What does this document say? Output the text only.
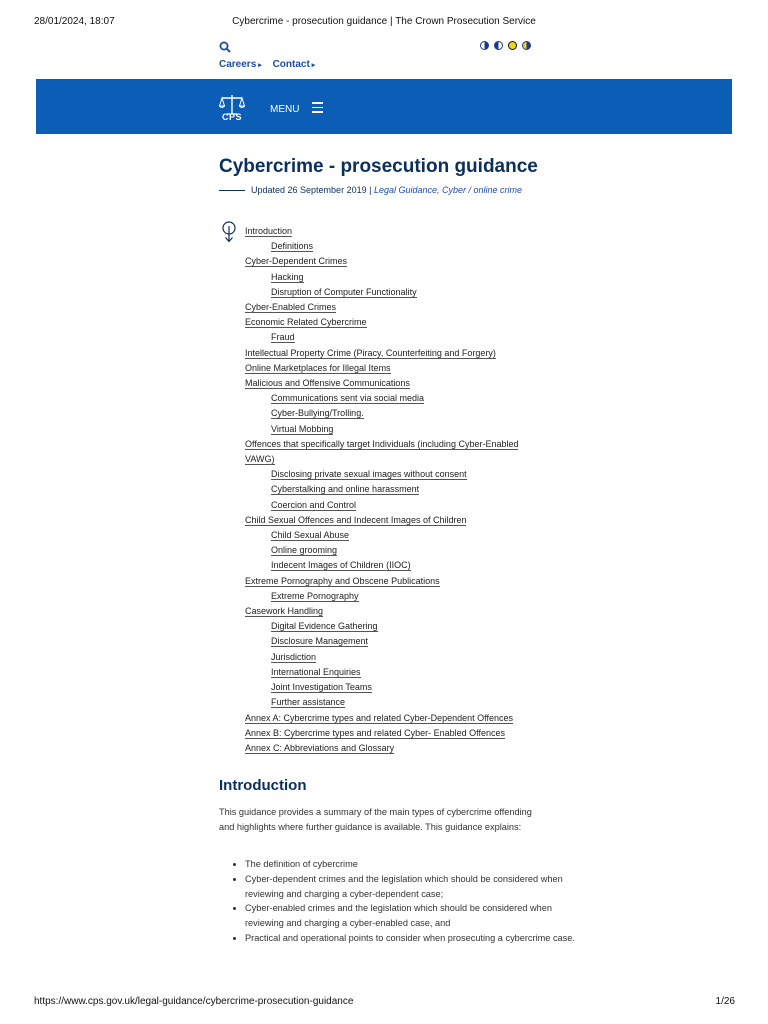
28/01/2024, 18:07	Cybercrime - prosecution guidance | The Crown Prosecution Service
Careers ▸ Contact ▸
CPS
MENU
Cybercrime - prosecution guidance
Updated 26 September 2019 | Legal Guidance, Cyber / online crime
Introduction
Definitions
Cyber-Dependent Crimes
Hacking
Disruption of Computer Functionality
Cyber-Enabled Crimes
Economic Related Cybercrime
Fraud
Intellectual Property Crime (Piracy, Counterfeiting and Forgery)
Online Marketplaces for Illegal Items
Malicious and Offensive Communications
Communications sent via social media
Cyber-Bullying/Trolling.
Virtual Mobbing
Offences that specifically target Individuals (including Cyber-Enabled VAWG)
Disclosing private sexual images without consent
Cyberstalking and online harassment
Coercion and Control
Child Sexual Offences and Indecent Images of Children
Child Sexual Abuse
Online grooming
Indecent Images of Children (IIOC)
Extreme Pornography and Obscene Publications
Extreme Pornography
Casework Handling
Digital Evidence Gathering
Disclosure Management
Jurisdiction
International Enquiries
Joint Investigation Teams
Further assistance
Annex A: Cybercrime types and related Cyber-Dependent Offences
Annex B: Cybercrime types and related Cyber- Enabled Offences
Annex C: Abbreviations and Glossary
Introduction

This guidance provides a summary of the main types of cybercrime offending and highlights where further guidance is available. This guidance explains:

The definition of cybercrime
Cyber-dependent crimes and the legislation which should be considered when reviewing and charging a cyber-dependent case;
Cyber-enabled crimes and the legislation which should be considered when reviewing and charging a cyber-enabled case, and
Practical and operational points to consider when prosecuting a cybercrime case.
https://www.cps.gov.uk/legal-guidance/cybercrime-prosecution-guidance	1/26
